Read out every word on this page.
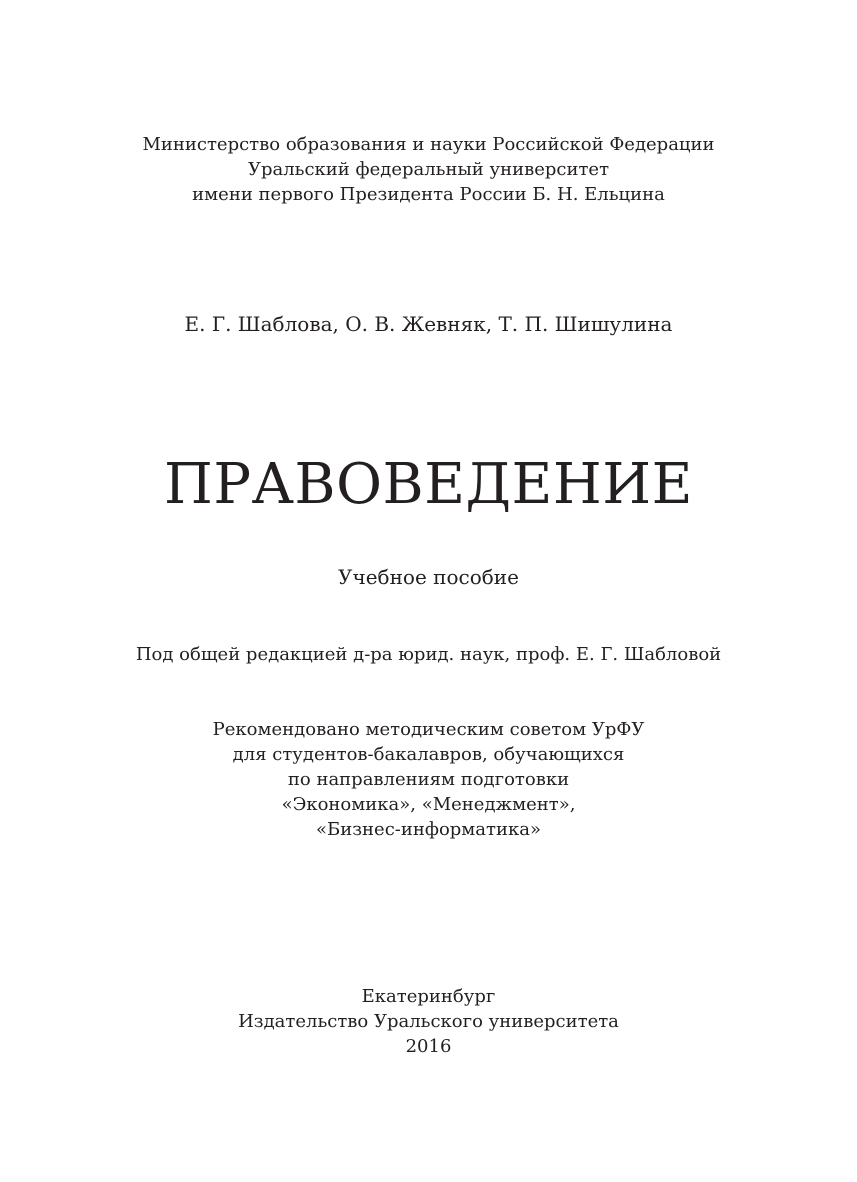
Министерство образования и науки Российской Федерации
Уральский федеральный университет
имени первого Президента России Б. Н. Ельцина
Е. Г. Шаблова, О. В. Жевняк, Т. П. Шишулина
ПРАВОВЕДЕНИЕ
Учебное пособие
Под общей редакцией д-ра юрид. наук, проф. Е. Г. Шабловой
Рекомендовано методическим советом УрФУ
для студентов-бакалавров, обучающихся
по направлениям подготовки
«Экономика», «Менеджмент»,
«Бизнес-информатика»
Екатеринбург
Издательство Уральского университета
2016
